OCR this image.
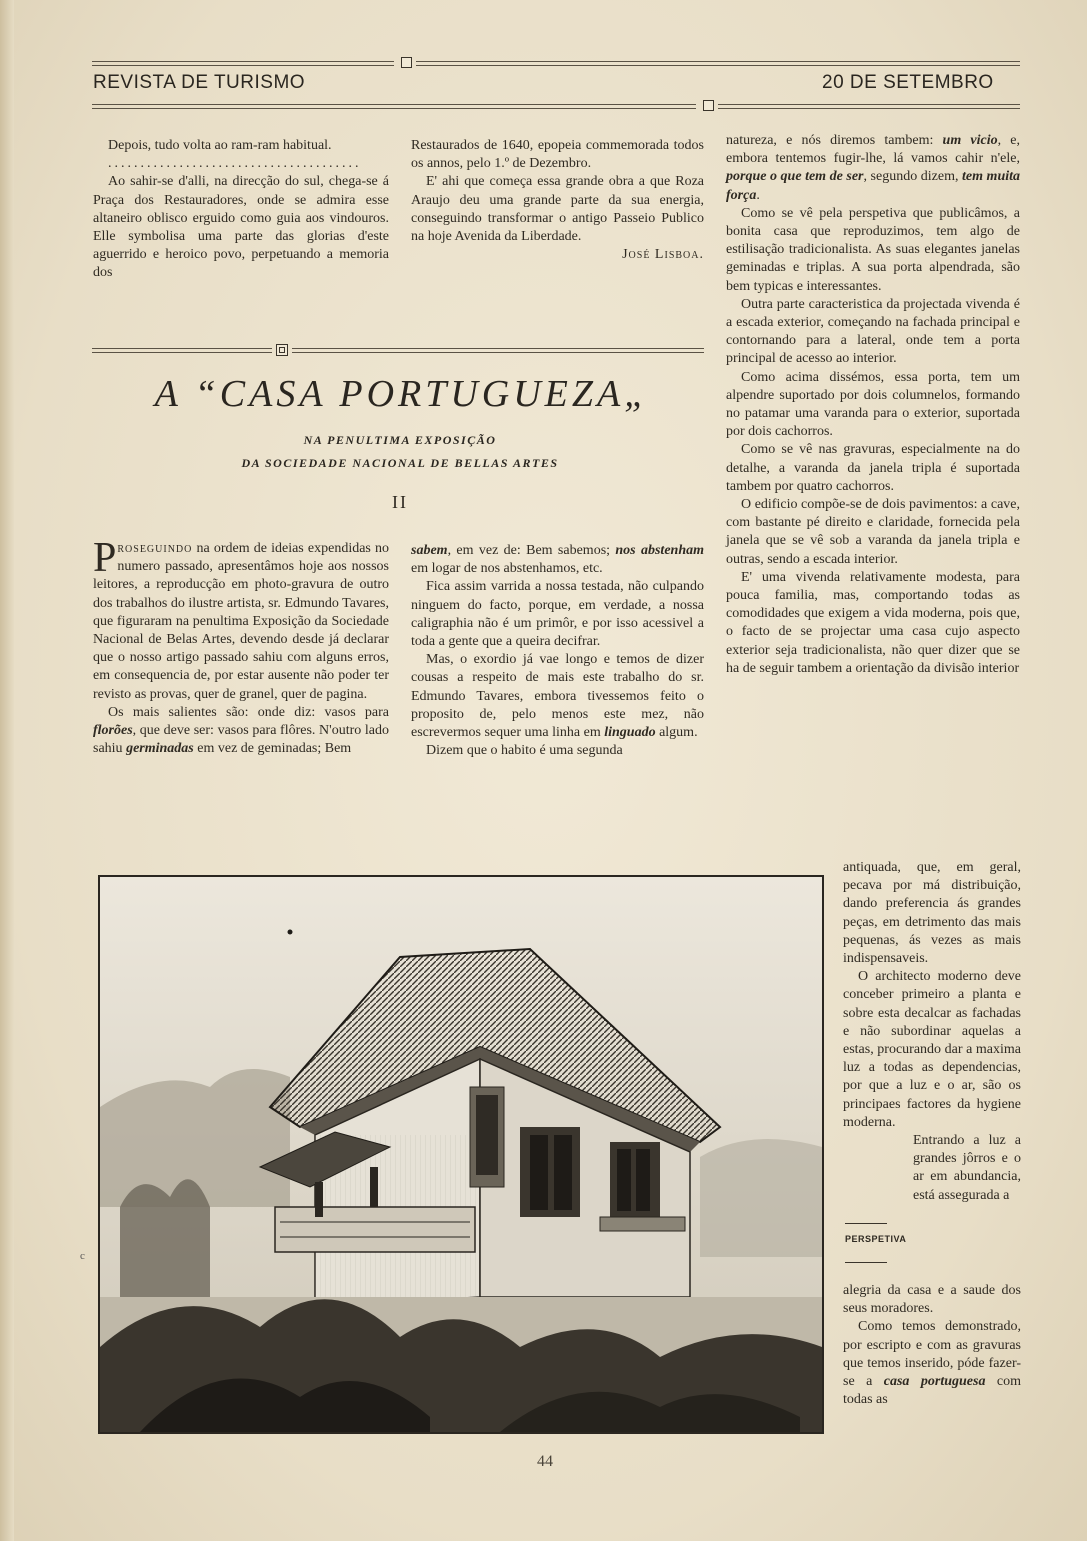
REVISTA DE TURISMO	20 DE SETEMBRO

Depois, tudo volta ao ram-ram habitual.

.......................................

Ao sahir-se d'alli, na direcção do sul, chega-se á Praça dos Restauradores, onde se admira esse altaneiro oblisco erguido como guia aos vindouros. Elle symbolisa uma parte das glorias d'este aguerrido e heroico povo, perpetuando a memoria dos

Restaurados de 1640, epopeia commemorada todos os annos, pelo 1.º de Dezembro.

E' ahi que começa essa grande obra a que Roza Araujo deu uma grande parte da sua energia, conseguindo transformar o antigo Passeio Publico na hoje Avenida da Liberdade.

José Lisboa.

A “CASA PORTUGUEZA„
NA PENULTIMA EXPOSIÇÃO
DA SOCIEDADE NACIONAL DE BELLAS ARTES
II

Proseguindo na ordem de ideias expendidas no numero passado, apresentâmos hoje aos nossos leitores, a reproducção em photo-gravura de outro dos trabalhos do ilustre artista, sr. Edmundo Tavares, que figuraram na penultima Exposição da Sociedade Nacional de Belas Artes, devendo desde já declarar que o nosso artigo passado sahiu com alguns erros, em consequencia de, por estar ausente não poder ter revisto as provas, quer de granel, quer de pagina.

Os mais salientes são: onde diz: vasos para florões, que deve ser: vasos para flôres. N'outro lado sahiu germinadas em vez de geminadas; Bem

sabem, em vez de: Bem sabemos; nos abstenham em logar de nos abstenhamos, etc.

Fica assim varrida a nossa testada, não culpando ninguem do facto, porque, em verdade, a nossa caligraphia não é um primôr, e por isso acessivel a toda a gente que a queira decifrar.

Mas, o exordio já vae longo e temos de dizer cousas a respeito de mais este trabalho do sr. Edmundo Tavares, embora tivessemos feito o proposito de, pelo menos este mez, não escrevermos sequer uma linha em linguado algum.

Dizem que o habito é uma segunda

natureza, e nós diremos tambem: um vicio, e, embora tentemos fugir-lhe, lá vamos cahir n'ele, porque o que tem de ser, segundo dizem, tem muita força.

Como se vê pela perspetiva que publicâmos, a bonita casa que reproduzimos, tem algo de estilisação tradicionalista. As suas elegantes janelas geminadas e triplas. A sua porta alpendrada, são bem typicas e interessantes.

Outra parte caracteristica da projectada vivenda é a escada exterior, começando na fachada principal e contornando para a lateral, onde tem a porta principal de acesso ao interior.

Como acima dissémos, essa porta, tem um alpendre suportado por dois columnelos, formando no patamar uma varanda para o exterior, suportada por dois cachorros.

Como se vê nas gravuras, especialmente na do detalhe, a varanda da janela tripla é suportada tambem por quatro cachorros.

O edificio compõe-se de dois pavimentos: a cave, com bastante pé direito e claridade, fornecida pela janela que se vê sob a varanda da janela tripla e outras, sendo a escada interior.

E' uma vivenda relativamente modesta, para pouca familia, mas, comportando todas as comodidades que exigem a vida moderna, pois que, o facto de se projectar uma casa cujo aspecto exterior seja tradicionalista, não quer dizer que se ha de seguir tambem a orientação da divisão interior

antiquada, que, em geral, pecava por má distribuição, dando preferencia ás grandes peças, em detrimento das mais pequenas, ás vezes as mais indispensaveis.

O architecto moderno deve conceber primeiro a planta e sobre esta decalcar as fachadas e não subordinar aquelas a estas, procurando dar a maxima luz a todas as dependencias, por que a luz e o ar, são os principaes factores da hygiene moderna.

Entrando a luz a grandes jôrros e o ar em abundancia, está assegurada a

alegria da casa e a saude dos seus moradores.

Como temos demonstrado, por escripto e com as gravuras que temos inserido, póde fazer-se a casa portuguesa com todas as

PERSPETIVA
c
44
